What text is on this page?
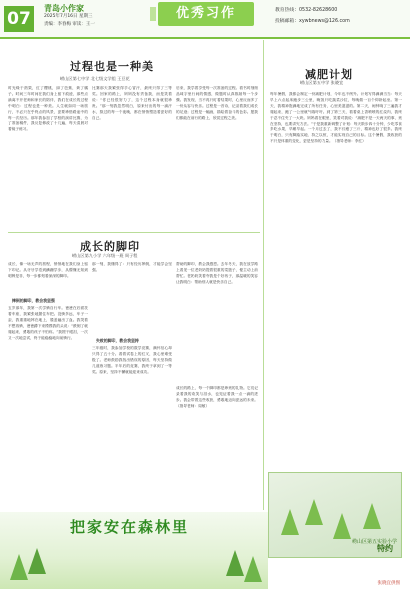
07
青岛小作家
2025年7月16日 星期三
责编：李春梅 审读：王一
优秀习作	教育热线：0532-82628600
投稿邮箱：xywbnews@126.com
过程也是一种美
崂山区第七中学 北七级文学组 王豆花
时光缘于熟果，红了樱桃，绿了芭蕉，黄了橘子。时间三年时间在我们身上留下痕迹，那些点滴离不开老师和家长的陪伴，我们在成长的过程中明白：过程也是一种美。人生就如同一场旅行，不必只在乎终点的风景，更要珍惜路途中的每一次经历。那年我参加了学校的演讲比赛，为了准备稿件，我反复修改了十几遍，每天清晨对着镜子练习。
比赛那天我紧张得手心冒汗，最终只得了三等奖。回家的路上，妈妈没有责备我，而是笑着说：“你已经很努力了，这个过程本身就很珍贵。”那一刻我忽然明白，原来付出的每一滴汗水，熬过的每一个夜晚，都在悄悄塑造着更好的自己。
后来，我学着享受每一次准备的过程。看书时细细品味字里行间的情感，做题时认真推敲每一个步骤。我发现，当不再只盯着结果时，心里反而多了一份从容与快乐。过程是一首诗，记录着我们成长的足迹；过程是一幅画，描绘着奋斗的色彩。愿我们都能在前行的路上，欣赏过程之美。
减肥计划
崂山区第五中学 张晓宜
每年暑假，我都会制定一份减肥计划，今年也不例外。计划写得满满当当：每天早上六点起床跑步三公里，晚饭只吃蔬菜沙拉，每晚做一百个仰卧起坐。第一天，我精神饱满地完成了所有任务，心里美滋滋的。第二天，闹钟响了三遍我才爬起来，跑了一公里就气喘吁吁。到了第三天，看着桌上香喷喷的红烧肉，我终于忍不住夹了一大块。妈妈看在眼里，笑着对我说：“减肥不是一天两天的事，贵在坚持，也要讲究方法。”于是我重新调整了计划：每天散步四十分钟，少吃零食多吃水果，早睡早起。一个月过去了，我不仅瘦了三斤，精神也好了很多。我终于明白，只有脚踏实地、持之以恒，才能实现自己的目标。这个暑假，我收获的不只是体重的变化，更是坚持的力量。（指导老师：李红）
成长的脚印
崂山区第九小学 六年级一班 周子程
成长，像一场无声的旅程，悄悄地在我们身上留下印记。从牙牙学语到蹒跚学步，从懵懂无知到明辨是非，每一步都刻着深深的脚印。
摔倒的脚印，教会我坚强
五岁那年，我第一次学骑自行车。爸爸在后面扶着车座，我紧张地握住车把。没骑多远，车子一歪，我重重地摔在地上，膝盖磕出了血。我哭着不想再骑，爸爸蹲下来摸摸我的头说：“跌倒了就爬起来，勇敢的孩子不怕疼。”我擦干眼泪，一次又一次地尝试，终于能稳稳地向前骑行。
那一刻，我懂得了：只有经历摔倒，才能学会坚强。
失败的脚印，教会我坚持
三年级时，我参加学校的数学竞赛，满怀信心却只得了五十分。看着试卷上的红叉，我心里难受极了。老师鼓励我找出错误的原因，每天坚持做几道练习题。半年后的竞赛，我终于拿到了一等奖。原来，坚持不懈就能迎来成功。
帮助的脚印，教会我感恩。去年冬天，我在放学路上看见一位老奶奶提着很重的菜篮子，便主动上前帮忙。老奶奶笑着夸我是个好孩子，那温暖的笑容让我明白：帮助别人就是快乐自己。
成长的路上，每一个脚印都是珍贵的礼物。它们记录着我的欢笑与泪水，也见证着我一点一滴的进步。我会带着这些收获，勇敢地迈向更远的未来。（指导老师：周敏）
崂山区第五实验小学
特约
把家安在森林里
张晓宜供图
